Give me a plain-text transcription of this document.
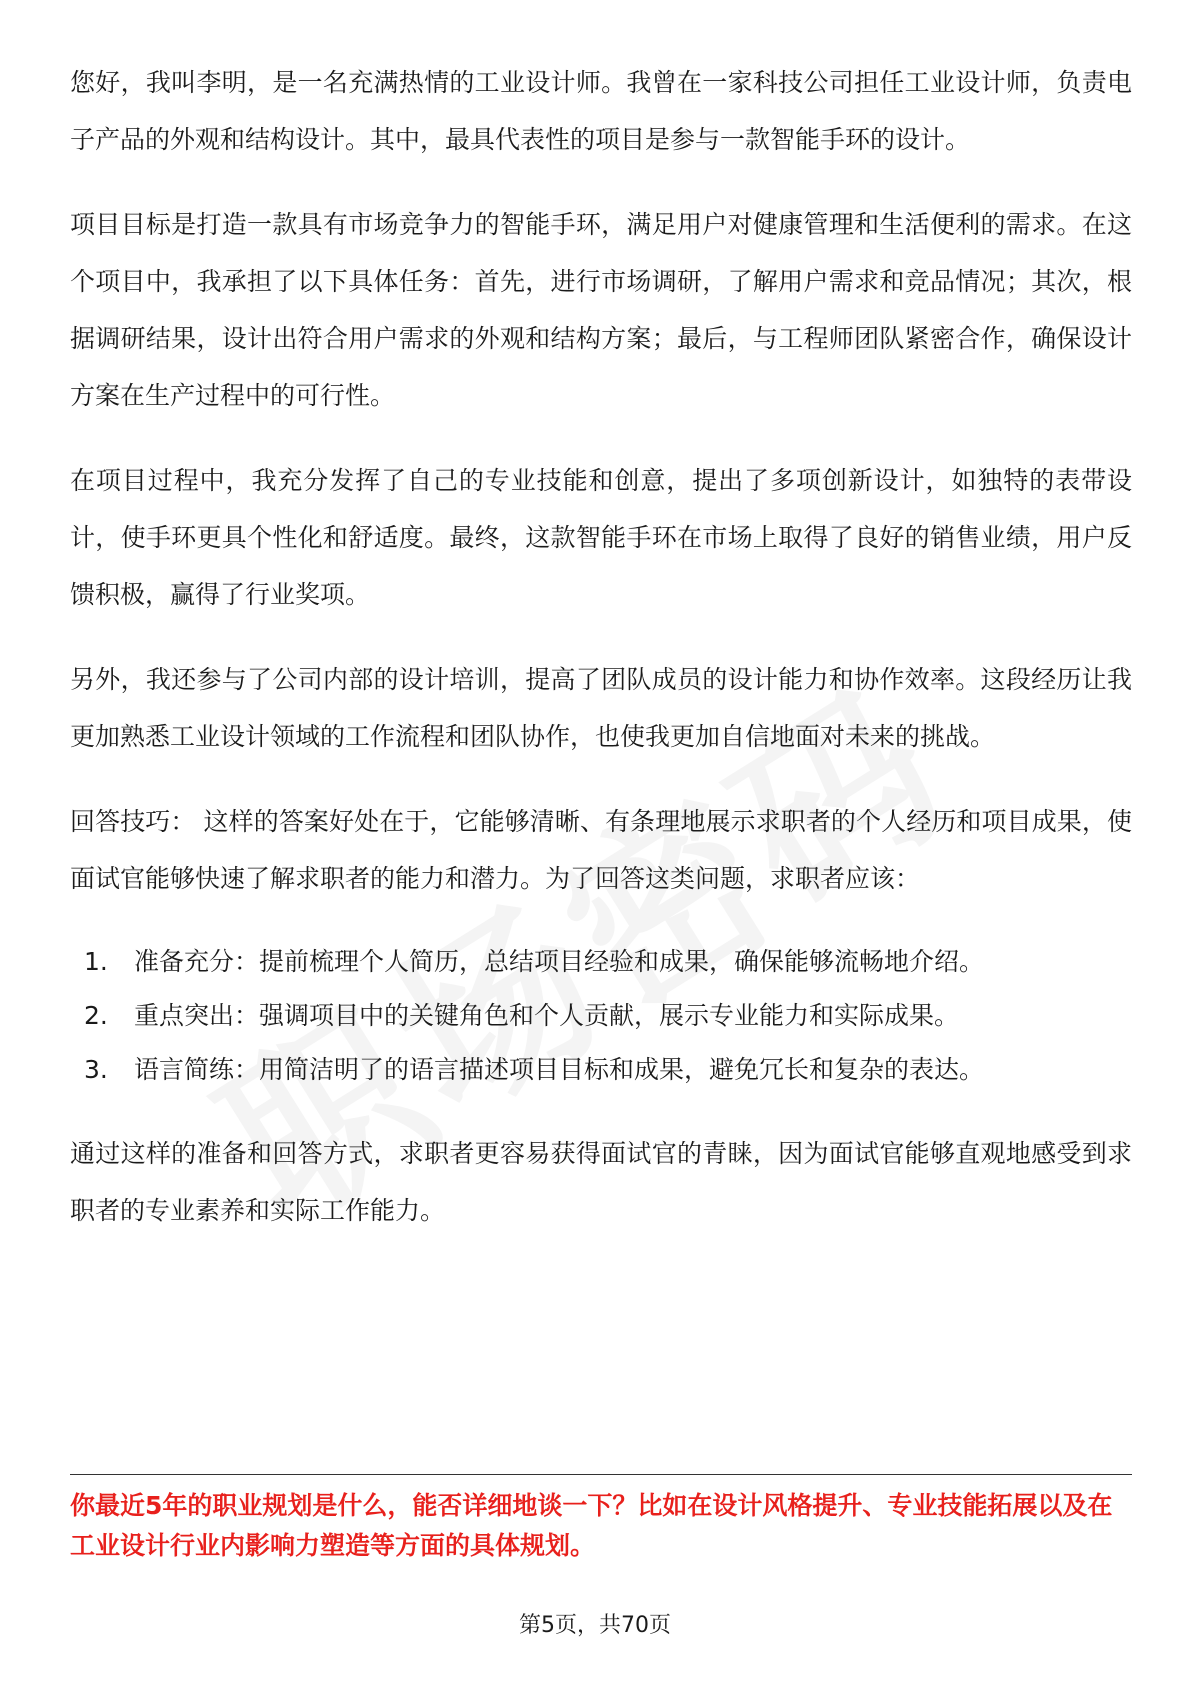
您好，我叫李明，是一名充满热情的工业设计师。我曾在一家科技公司担任工业设计师，负责电子产品的外观和结构设计。其中，最具代表性的项目是参与一款智能手环的设计。

项目目标是打造一款具有市场竞争力的智能手环，满足用户对健康管理和生活便利的需求。在这个项目中，我承担了以下具体任务：首先，进行市场调研，了解用户需求和竞品情况；其次，根据调研结果，设计出符合用户需求的外观和结构方案；最后，与工程师团队紧密合作，确保设计方案在生产过程中的可行性。

在项目过程中，我充分发挥了自己的专业技能和创意，提出了多项创新设计，如独特的表带设计，使手环更具个性化和舒适度。最终，这款智能手环在市场上取得了良好的销售业绩，用户反馈积极，赢得了行业奖项。

另外，我还参与了公司内部的设计培训，提高了团队成员的设计能力和协作效率。这段经历让我更加熟悉工业设计领域的工作流程和团队协作，也使我更加自信地面对未来的挑战。

回答技巧： 这样的答案好处在于，它能够清晰、有条理地展示求职者的个人经历和项目成果，使面试官能够快速了解求职者的能力和潜力。为了回答这类问题，求职者应该：

1.	准备充分：提前梳理个人简历，总结项目经验和成果，确保能够流畅地介绍。
2.	重点突出：强调项目中的关键角色和个人贡献，展示专业能力和实际成果。
3.	语言简练：用简洁明了的语言描述项目目标和成果，避免冗长和复杂的表达。

通过这样的准备和回答方式，求职者更容易获得面试官的青睐，因为面试官能够直观地感受到求职者的专业素养和实际工作能力。

你最近5年的职业规划是什么，能否详细地谈一下？比如在设计风格提升、专业技能拓展以及在工业设计行业内影响力塑造等方面的具体规划。
第5页，共70页
